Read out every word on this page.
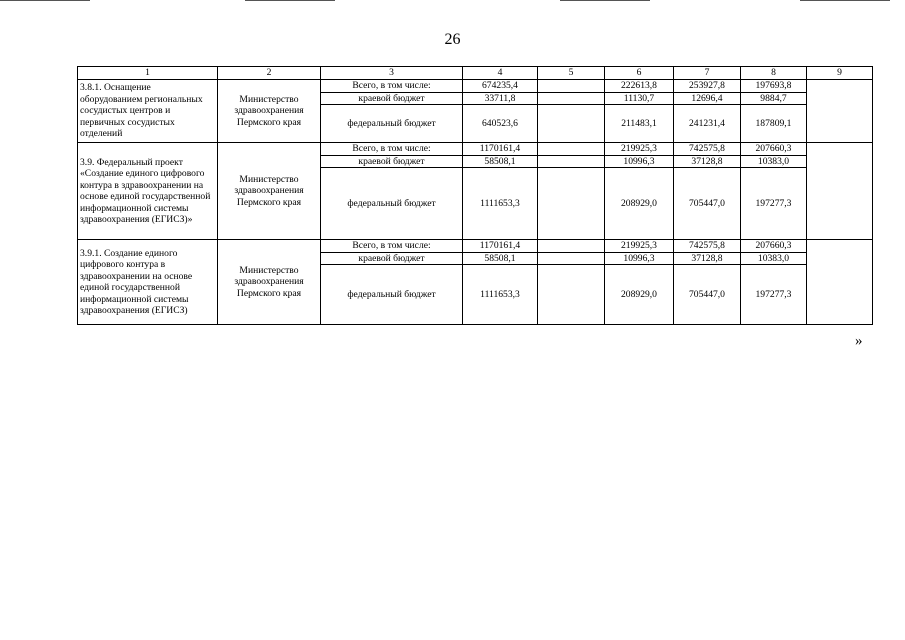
26
1	2	3	4	5	6	7	8	9
3.8.1. Оснащение оборудованием региональных сосудистых центров и первичных сосудистых отделений	Министерство здравоохранения Пермского края	Всего, в том числе:	674235,4		222613,8	253927,8	197693,8	
		краевой бюджет	33711,8		11130,7	12696,4	9884,7	
		федеральный бюджет	640523,6		211483,1	241231,4	187809,1	
3.9. Федеральный проект «Создание единого цифрового контура в здравоохранении на основе единой государственной информационной системы здравоохранения (ЕГИСЗ)»	Министерство здравоохранения Пермского края	Всего, в том числе:	1170161,4		219925,3	742575,8	207660,3	
		краевой бюджет	58508,1		10996,3	37128,8	10383,0	
		федеральный бюджет	1111653,3		208929,0	705447,0	197277,3	
3.9.1. Создание единого цифрового контура в здравоохранении на основе единой государственной информационной системы здравоохранения (ЕГИСЗ)	Министерство здравоохранения Пермского края	Всего, в том числе:	1170161,4		219925,3	742575,8	207660,3	
		краевой бюджет	58508,1		10996,3	37128,8	10383,0	
		федеральный бюджет	1111653,3		208929,0	705447,0	197277,3	
»
